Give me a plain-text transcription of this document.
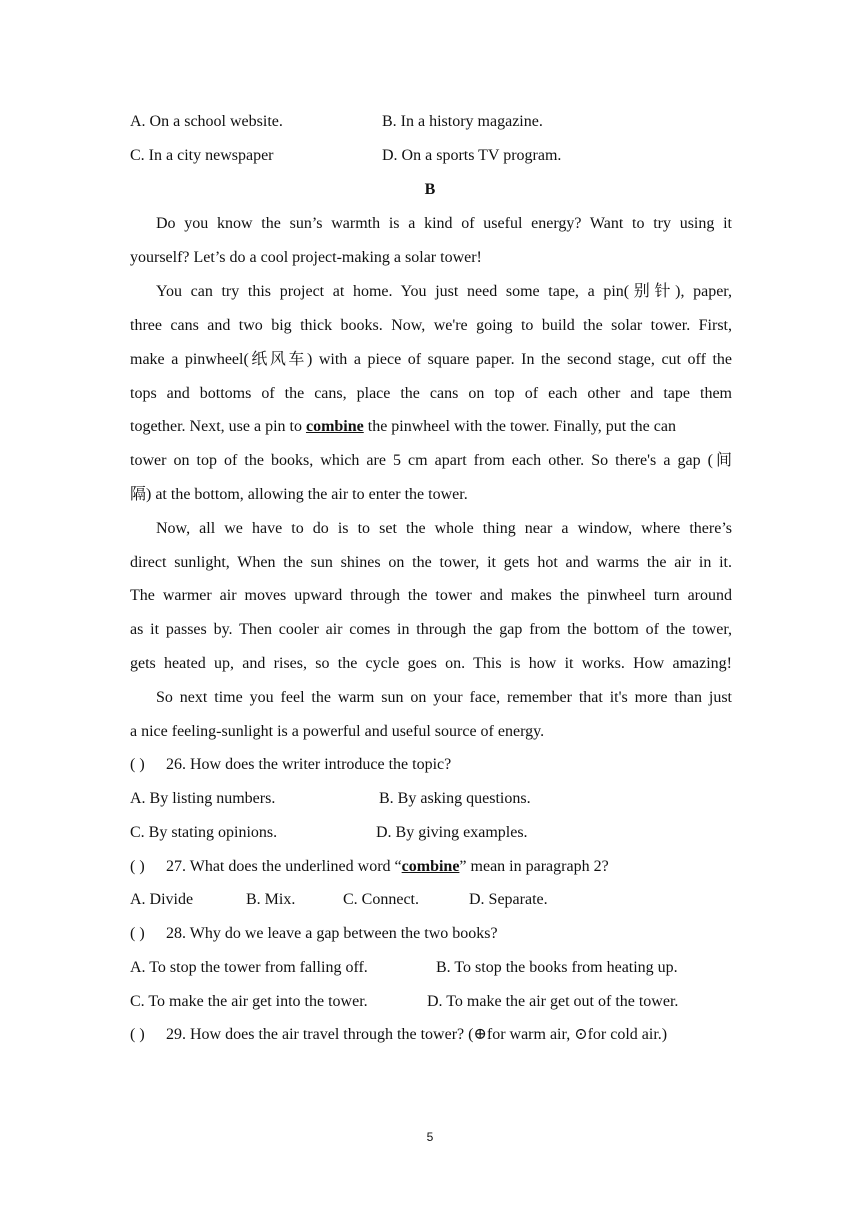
A. On a school website.	B. In a history magazine.
C. In a city newspaper	D. On a sports TV program.
B
Do you know the sun’s warmth is a kind of useful energy? Want to try using it
yourself? Let’s do a cool project-making a solar tower!
You can try this project at home. You just need some tape, a pin(别针), paper,
three cans and two big thick books. Now, we're going to build the solar tower. First,
make a pinwheel(纸风车) with a piece of square paper. In the second stage, cut off the
tops and bottoms of the cans, place the cans on top of each other and tape them
together. Next, use a pin to combine the pinwheel with the tower. Finally, put the can
tower on top of the books, which are 5 cm apart from each other. So there's a gap (间
隔) at the bottom, allowing the air to enter the tower.
Now, all we have to do is to set the whole thing near a window, where there’s
direct sunlight, When the sun shines on the tower, it gets hot and warms the air in it.
The warmer air moves upward through the tower and makes the pinwheel turn around
as it passes by. Then cooler air comes in through the gap from the bottom of the tower,
gets heated up, and rises, so the cycle goes on. This is how it works. How amazing!
So next time you feel the warm sun on your face, remember that it's more than just
a nice feeling-sunlight is a powerful and useful source of energy.
( ) 26. How does the writer introduce the topic?
A. By listing numbers.	B. By asking questions.
C. By stating opinions.	D. By giving examples.
( ) 27. What does the underlined word “combine” mean in paragraph 2?
A. Divide	B. Mix.	C. Connect.	D. Separate.
( ) 28. Why do we leave a gap between the two books?
A. To stop the tower from falling off.	B. To stop the books from heating up.
C. To make the air get into the tower.	D. To make the air get out of the tower.
( ) 29. How does the air travel through the tower? (⊕for warm air, ⊙for cold air.)
5
